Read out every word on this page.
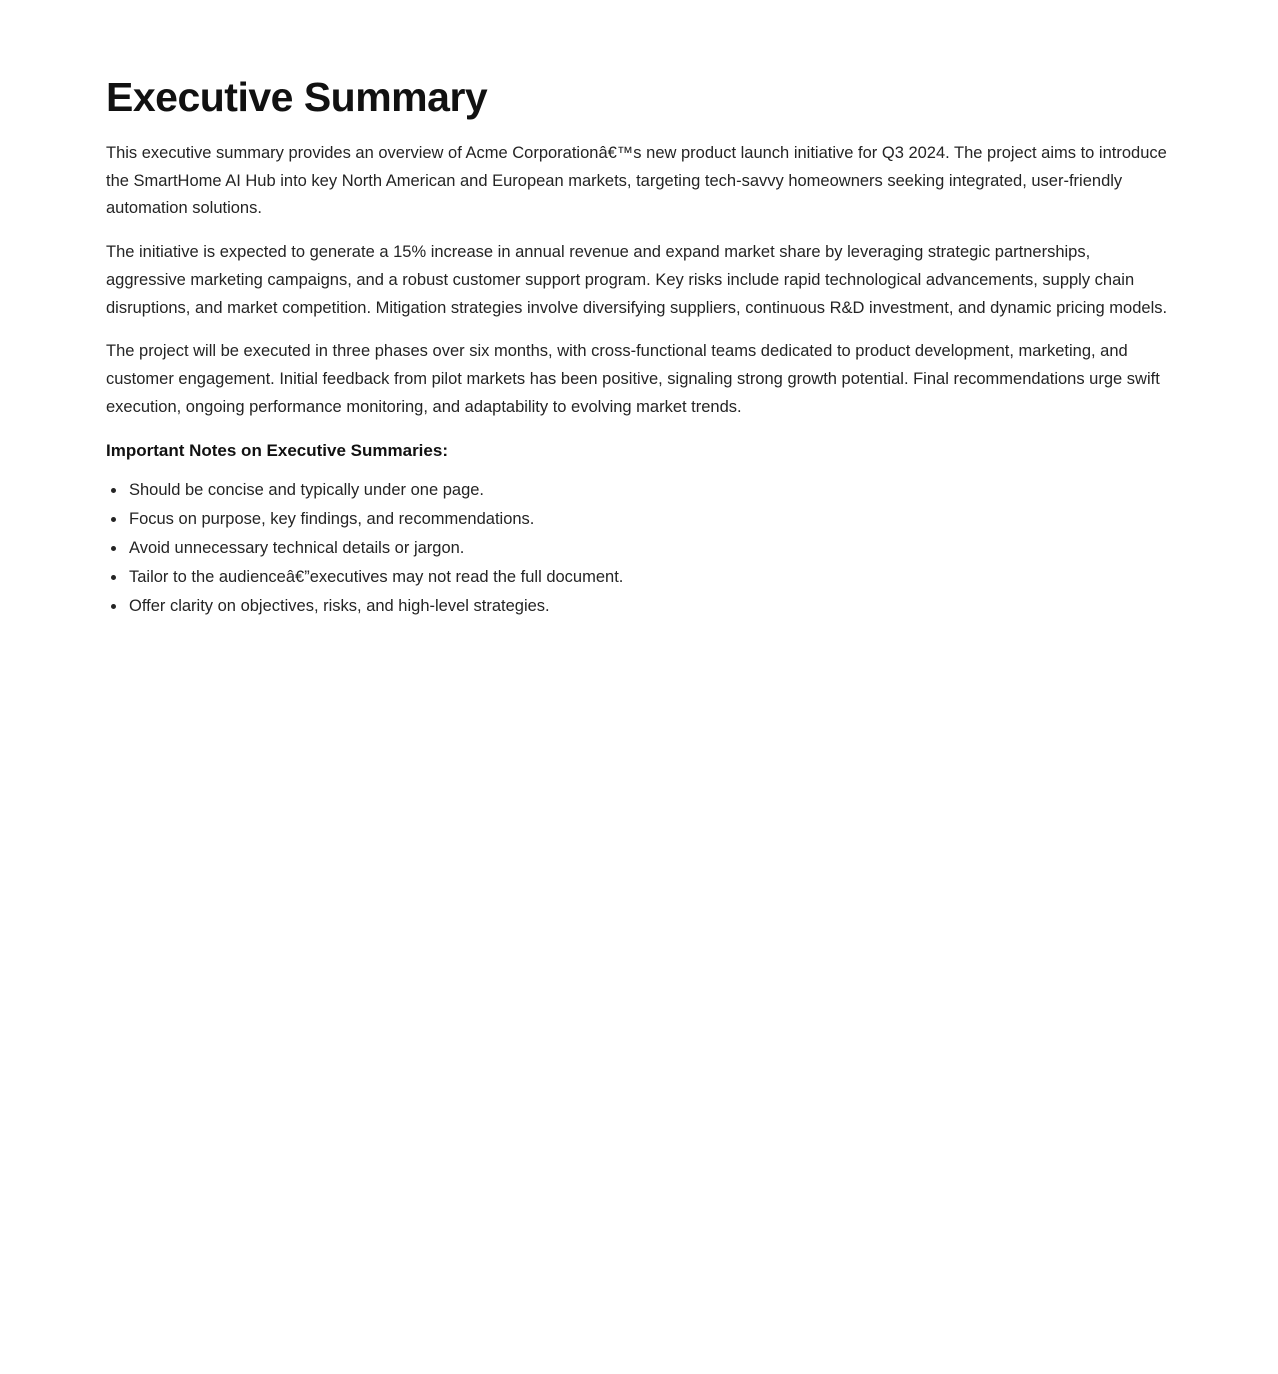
Executive Summary

This executive summary provides an overview of Acme Corporationâ€™s new product launch initiative for Q3 2024. The project aims to introduce the SmartHome AI Hub into key North American and European markets, targeting tech-savvy homeowners seeking integrated, user-friendly automation solutions.

The initiative is expected to generate a 15% increase in annual revenue and expand market share by leveraging strategic partnerships, aggressive marketing campaigns, and a robust customer support program. Key risks include rapid technological advancements, supply chain disruptions, and market competition. Mitigation strategies involve diversifying suppliers, continuous R&D investment, and dynamic pricing models.

The project will be executed in three phases over six months, with cross-functional teams dedicated to product development, marketing, and customer engagement. Initial feedback from pilot markets has been positive, signaling strong growth potential. Final recommendations urge swift execution, ongoing performance monitoring, and adaptability to evolving market trends.

Important Notes on Executive Summaries:
• Should be concise and typically under one page.
• Focus on purpose, key findings, and recommendations.
• Avoid unnecessary technical details or jargon.
• Tailor to the audienceâ€”executives may not read the full document.
• Offer clarity on objectives, risks, and high-level strategies.
